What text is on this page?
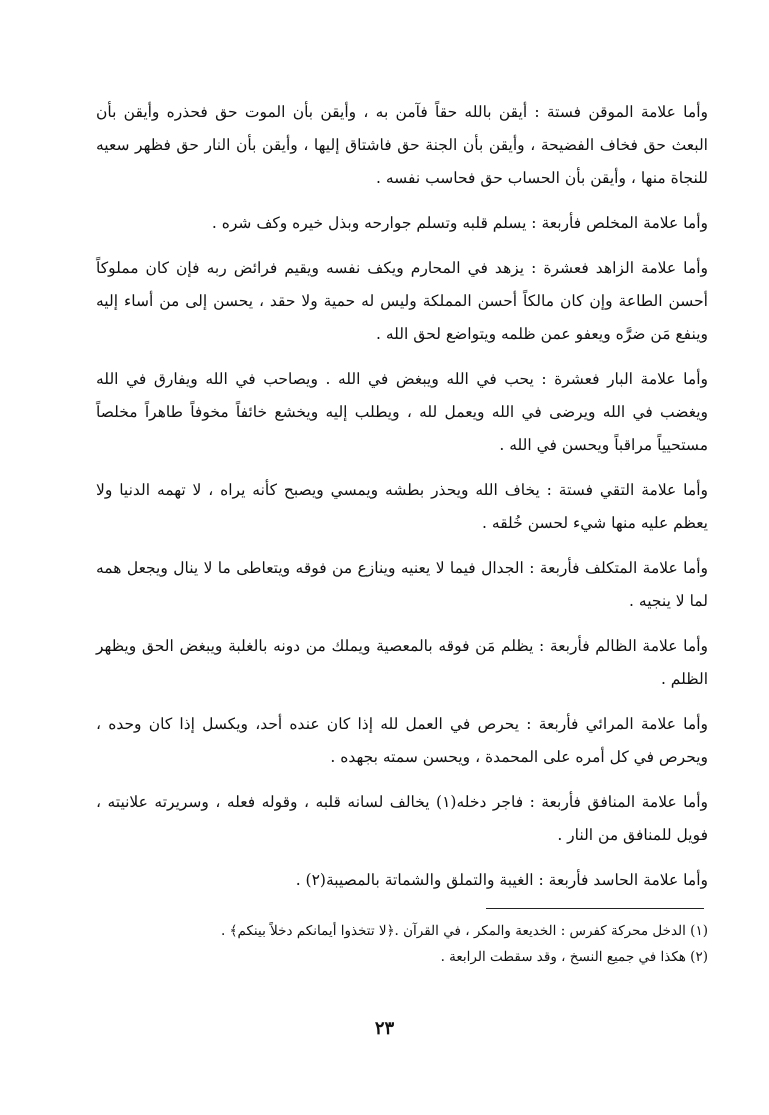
وأما علامة الموقن فستة : أيقن بالله حقاً فآمن به ، وأيقن بأن الموت حق فحذره وأيقن بأن البعث حق فخاف الفضيحة ، وأيقن بأن الجنة حق فاشتاق إليها ، وأيقن بأن النار حق فظهر سعيه للنجاة منها ، وأيقن بأن الحساب حق فحاسب نفسه .

وأما علامة المخلص فأربعة : يسلم قلبه وتسلم جوارحه وبذل خيره وكف شره .

وأما علامة الزاهد فعشرة : يزهد في المحارم ويكف نفسه ويقيم فرائض ربه فإن كان مملوكاً أحسن الطاعة وإن كان مالكاً أحسن المملكة وليس له حمية ولا حقد ، يحسن إلى من أساء إليه وينفع مَن ضرَّه ويعفو عمن ظلمه ويتواضع لحق الله .

وأما علامة البار فعشرة : يحب في الله ويبغض في الله . ويصاحب في الله ويفارق في الله ويغضب في الله ويرضى في الله ويعمل لله ، ويطلب إليه ويخشع خائفاً مخوفاً طاهراً مخلصاً مستحيياً مراقباً ويحسن في الله .

وأما علامة التقي فستة : يخاف الله ويحذر بطشه ويمسي ويصبح كأنه يراه ، لا تهمه الدنيا ولا يعظم عليه منها شيء لحسن خُلقه .

وأما علامة المتكلف فأربعة : الجدال فيما لا يعنيه وينازع من فوقه ويتعاطى ما لا ينال ويجعل همه لما لا ينجيه .

وأما علامة الظالم فأربعة : يظلم مَن فوقه بالمعصية ويملك من دونه بالغلبة ويبغض الحق ويظهر الظلم .

وأما علامة المرائي فأربعة : يحرص في العمل لله إذا كان عنده أحد، ويكسل إذا كان وحده ، ويحرص في كل أمره على المحمدة ، ويحسن سمته بجهده .

وأما علامة المنافق فأربعة : فاجر دخله(١) يخالف لسانه قلبه ، وقوله فعله ، وسريرته علانيته ، فويل للمنافق من النار .

وأما علامة الحاسد فأربعة : الغيبة والتملق والشماتة بالمصيبة(٢) .

(١) الدخل محركة كفرس : الخديعة والمكر ، في القرآن .﴿لا تتخذوا أيمانكم دخلاً بينكم﴾ .

(٢) هكذا في جميع النسخ ، وقد سقطت الرابعة .

٢٣
